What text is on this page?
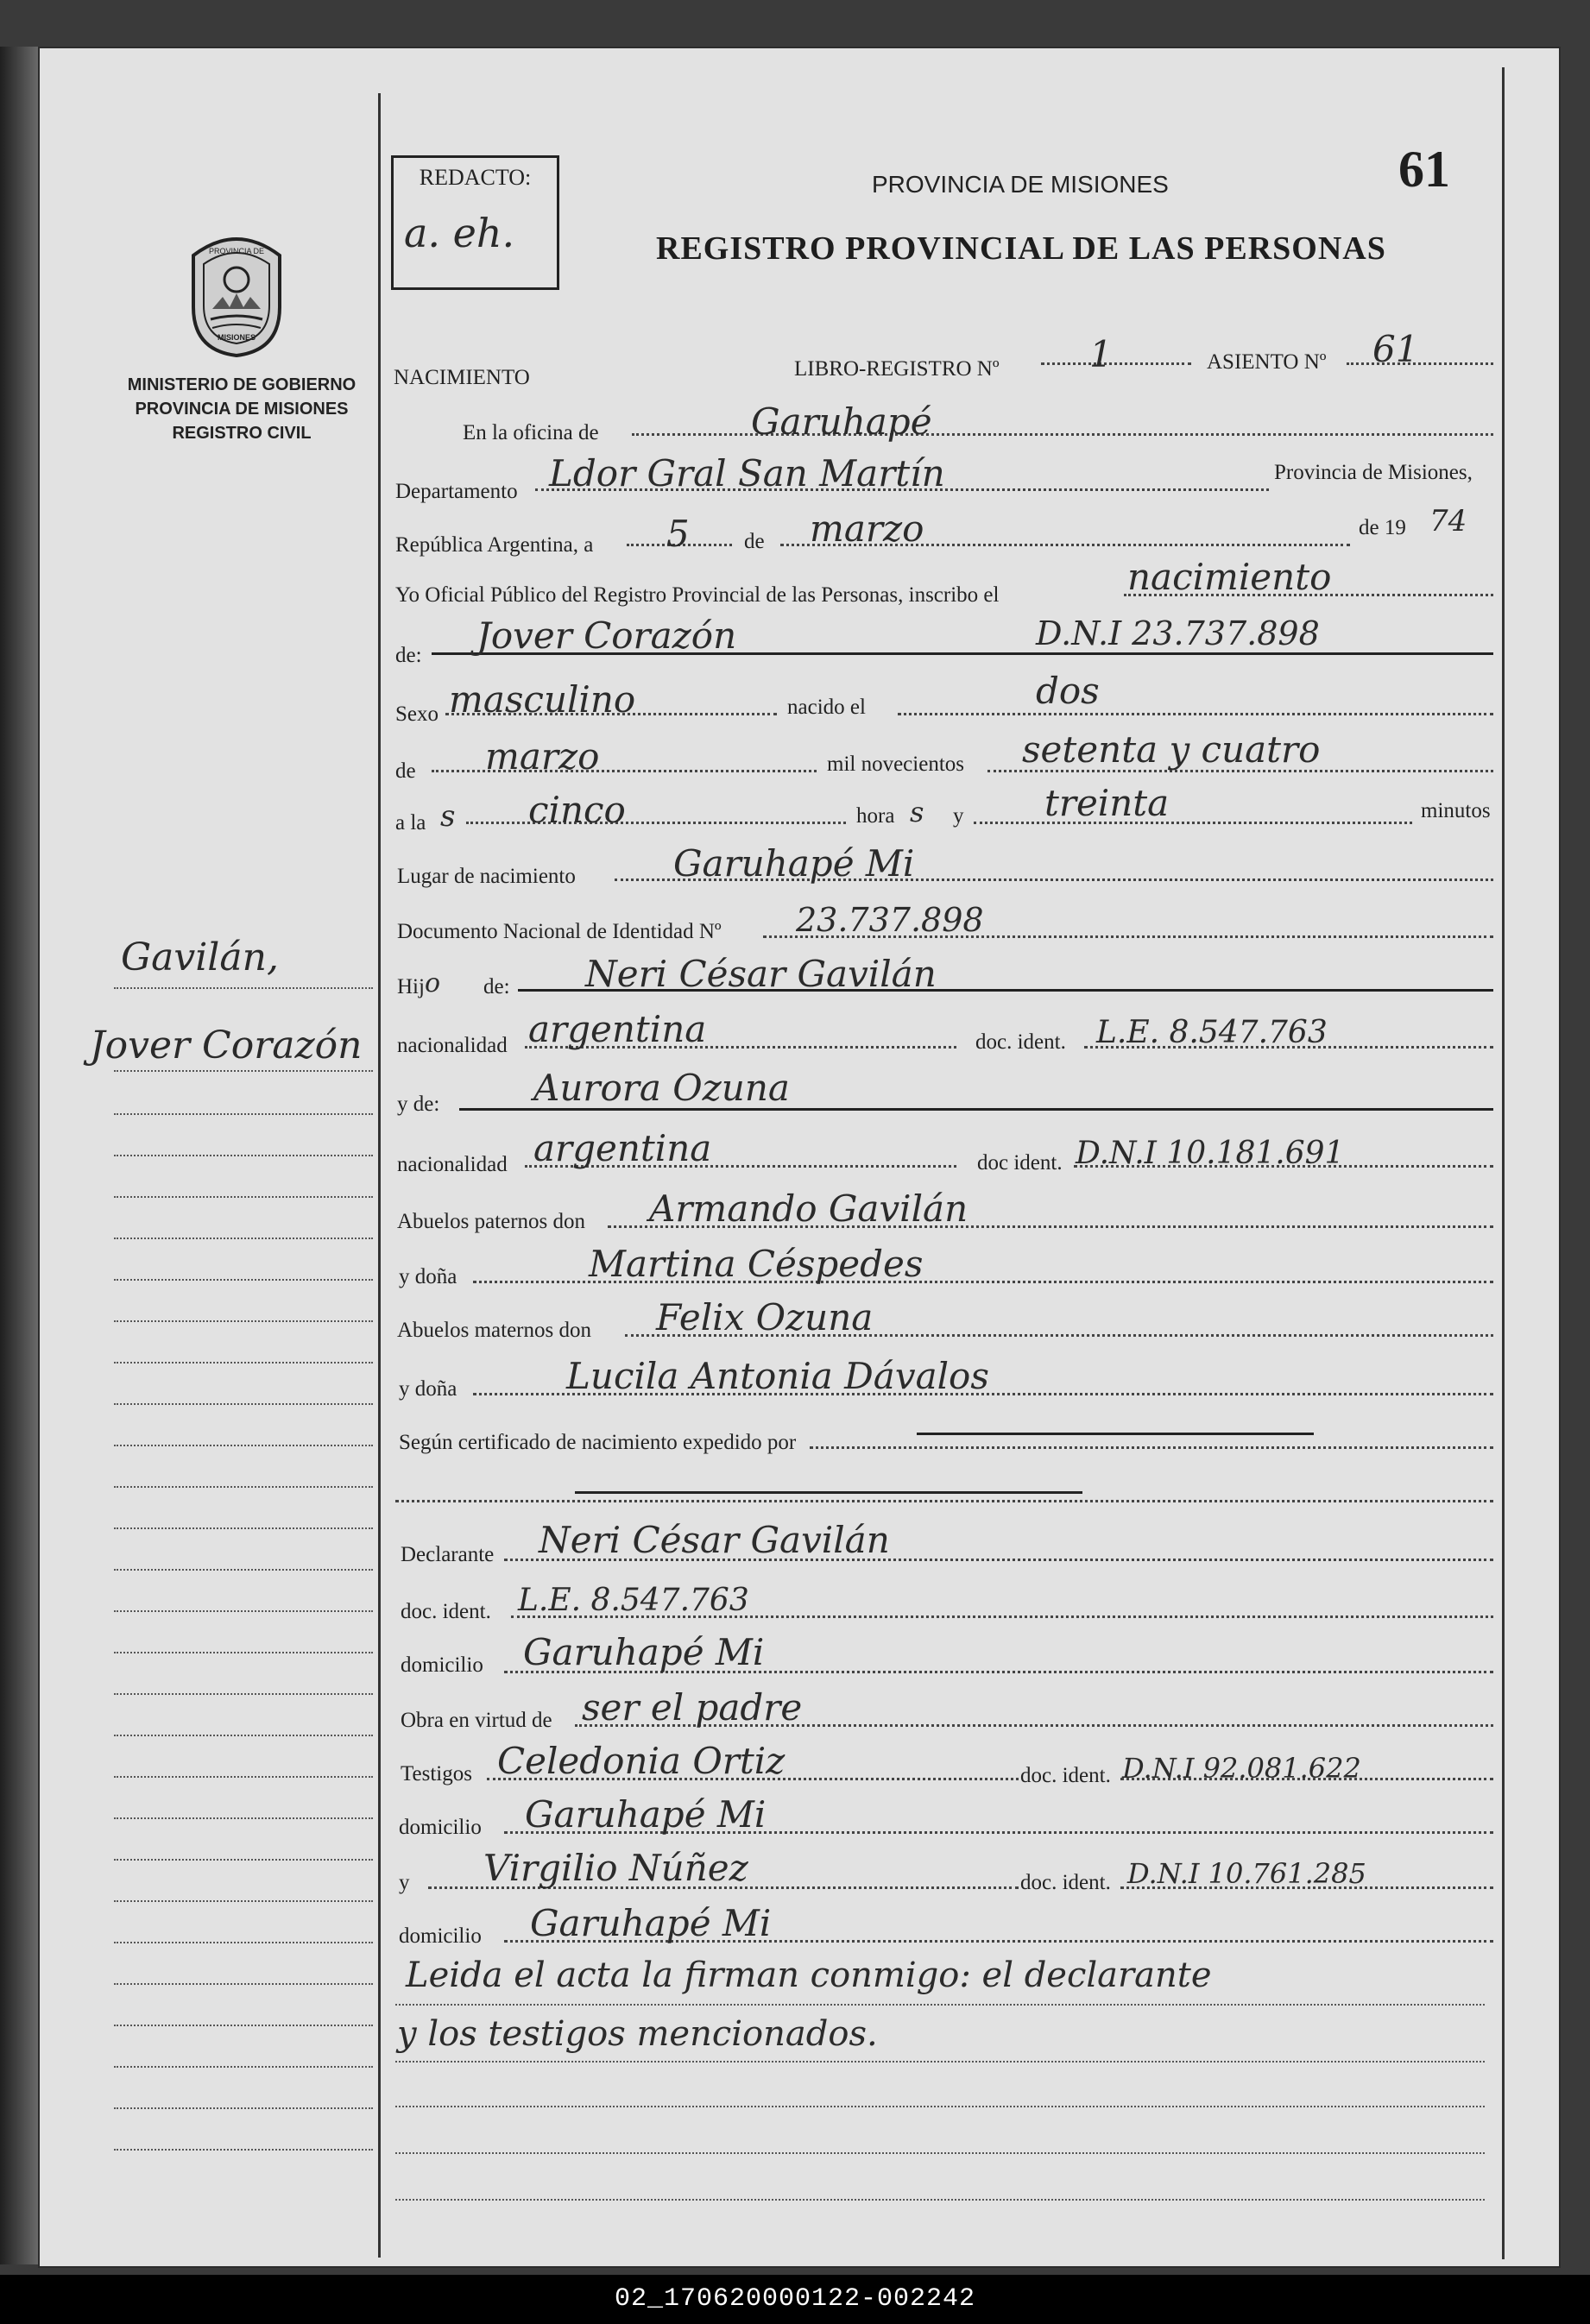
PROVINCIA DE
MISIONES
MINISTERIO DE GOBIERNO
PROVINCIA DE MISIONES
REGISTRO CIVIL
REDACTO:
a. eh.
PROVINCIA DE MISIONES
REGISTRO PROVINCIAL DE LAS PERSONAS
61
Gavilán,
Jover Corazón
NACIMIENTO	LIBRO-REGISTRO Nº 1	ASIENTO Nº 61
En la oficina de	Garuhapé
Departamento Ldor Gral San Martín	Provincia de Misiones,
República Argentina, a 5	de marzo	de 19 74
Yo Oficial Público del Registro Provincial de las Personas, inscribo el	nacimiento
de: Jover Corazón	D.N.I 23.737.898
Sexo masculino	nacido el	dos
de marzo	mil novecientos setenta y cuatro
a la s cinco	hora s y treinta	minutos
Lugar de nacimiento	Garuhapé Mi
Documento Nacional de Identidad Nº 23.737.898
Hij o de: Neri César Gavilán
nacionalidad argentina	doc. ident. L.E. 8.547.763
y de:	Aurora Ozuna
nacionalidad argentina	doc ident. D.N.I 10.181.691
Abuelos paternos don Armando Gavilán
y doña	Martina Céspedes
Abuelos maternos don Felix Ozuna
y doña	Lucila Antonia Dávalos
Según certificado de nacimiento expedido por
Declarante Neri César Gavilán
doc. ident. L.E. 8.547.763
domicilio Garuhapé Mi
Obra en virtud de ser el padre
Testigos Celedonia Ortiz	doc. ident. D.N.I 92.081.622
domicilio Garuhapé Mi
y Virgilio Núñez	doc. ident. D.N.I 10.761.285
domicilio Garuhapé Mi
Leida el acta la firman conmigo: el declarante
y los testigos mencionados.
02_170620000122-002242
